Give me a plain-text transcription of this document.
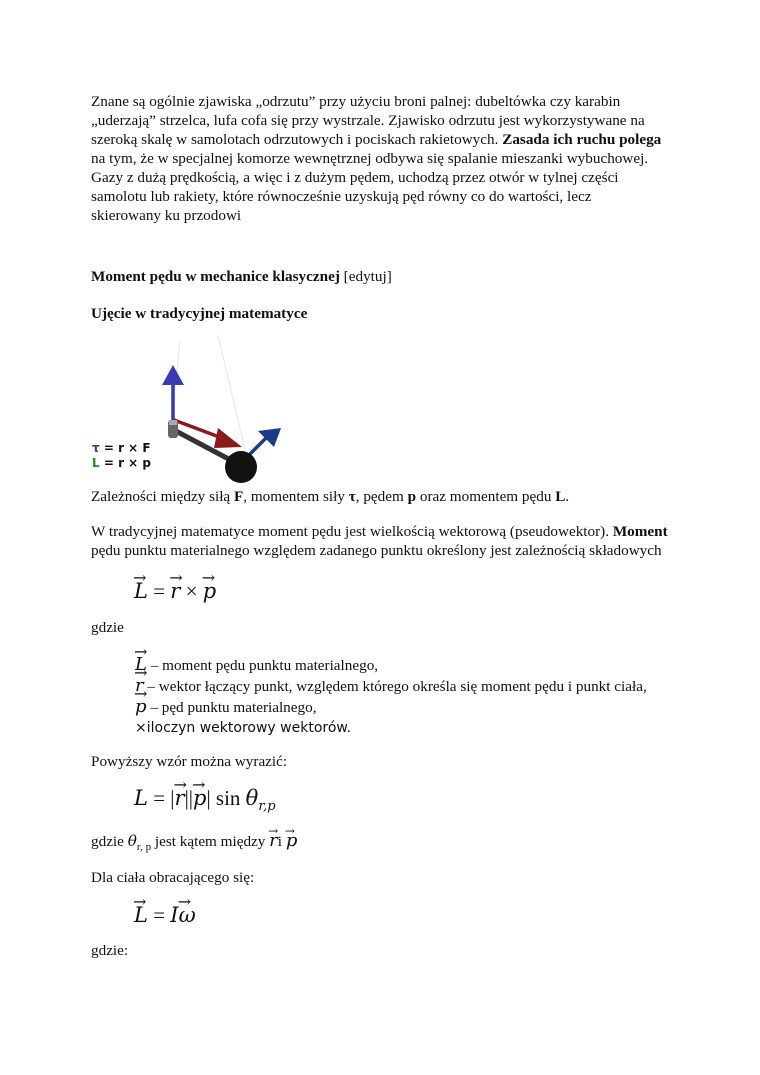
Znane są ogólnie zjawiska „odrzutu” przy użyciu broni palnej: dubeltówka czy karabin
„uderzają” strzelca, lufa cofa się przy wystrzale. Zjawisko odrzutu jest wykorzystywane na
szeroką skalę w samolotach odrzutowych i pociskach rakietowych. Zasada ich ruchu polega
na tym, że w specjalnej komorze wewnętrznej odbywa się spalanie mieszanki wybuchowej.
Gazy z dużą prędkością, a więc i z dużym pędem, uchodzą przez otwór w tylnej części
samolotu lub rakiety, które równocześnie uzyskują pęd równy co do wartości, lecz
skierowany ku przodowi
Moment pędu w mechanice klasycznej [edytuj]
Ujęcie w tradycyjnej matematyce
τ = r × F
L = r × p
Zależności między siłą F, momentem siły τ, pędem p oraz momentem pędu L.
W tradycyjnej matematyce moment pędu jest wielkością wektorową (pseudowektor). Moment
pędu punktu materialnego względem zadanego punktu określony jest zależnością składowych
→ L = → r × → p
gdzie
→ L – moment pędu punktu materialnego,
→ r – wektor łączący punkt, względem którego określa się moment pędu i punkt ciała,
→ p – pęd punktu materialnego,
×iloczyn wektorowy wektorów.
Powyższy wzór można wyrazić:
L = |→ r||→ p| $\sin \theta_{r,p}$
gdzie $\theta_{r, p}$ jest kątem między → ri → p
Dla ciała obracającego się:
→ L = I→ ω
gdzie:
